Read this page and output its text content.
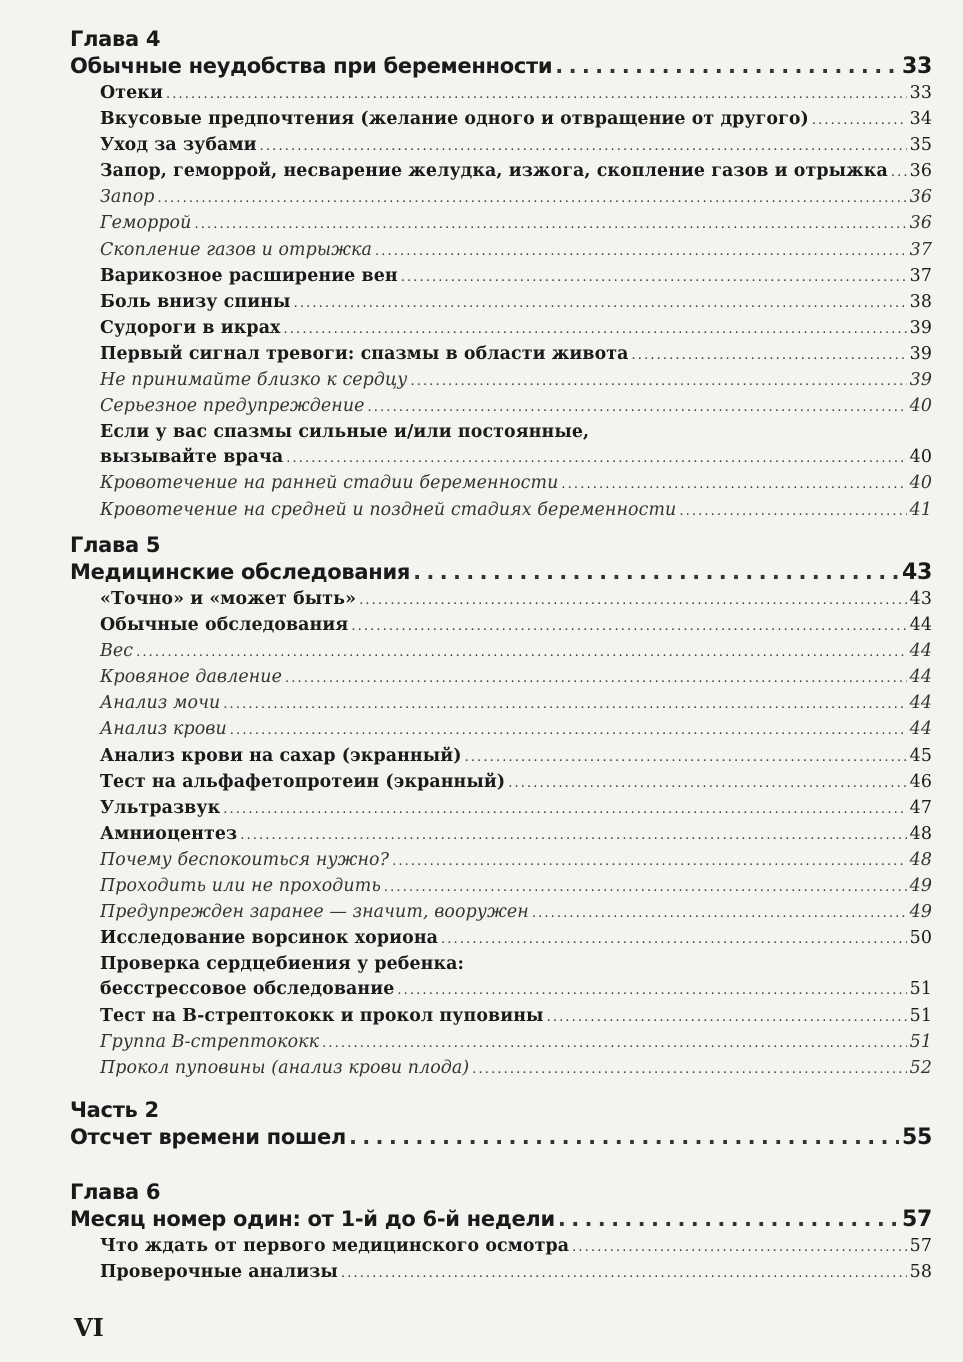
Глава 4
Обычные неудобства при беременности . . .	33
Отеки . . .	33
Вкусовые предпочтения (желание одного и отвращение от другого) . . .	34
Уход за зубами . . .	35
Запор, геморрой, несварение желудка, изжога, скопление газов и отрыжка . . . 36
Запор . . .	36
Геморрой . . .	36
Скопление газов и отрыжка . . .	37
Варикозное расширение вен . . .	37
Боль внизу спины . . .	38
Судороги в икрах . . .	39
Первый сигнал тревоги: спазмы в области живота . . .	39
Не принимайте близко к сердцу . . .	39
Серьезное предупреждение . . .	40
Если у вас спазмы сильные и/или постоянные,
вызывайте врача . . .	40
Кровотечение на ранней стадии беременности . . .	40
Кровотечение на средней и поздней стадиях беременности . . .	41
Глава 5
Медицинские обследования . . .	43
«Точно» и «может быть» . . .	43
Обычные обследования . . .	44
Вес . . .	44
Кровяное давление . . .	44
Анализ мочи . . .	44
Анализ крови . . .	44
Анализ крови на сахар (экранный) . . .	45
Тест на альфафетопротеин (экранный) . . .	46
Ультразвук . . .	47
Амниоцентез . . .	48
Почему беспокоиться нужно? . . .	48
Проходить или не проходить . . .	49
Предупрежден заранее — значит, вооружен . . .	49
Исследование ворсинок хориона . . .	50
Проверка сердцебиения у ребенка:
бесстрессовое обследование . . .	51
Тест на В-стрептококк и прокол пуповины . . .	51
Группа В-стрептококк . . .	51
Прокол пуповины (анализ крови плода) . . .	52
Часть 2
Отсчет времени пошел . . .	55
Глава 6
Месяц номер один: от 1-й до 6-й недели . . .	57
Что ждать от первого медицинского осмотра . . .	57
Проверочные анализы . . .	58
VI
